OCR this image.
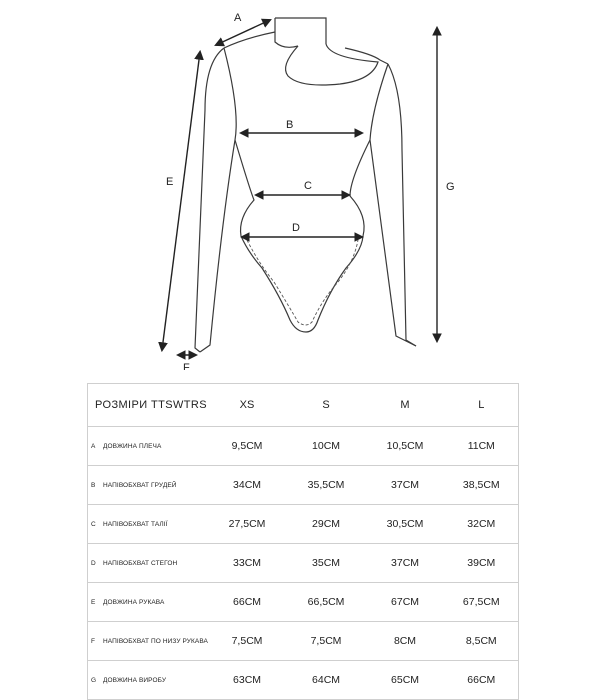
A
B
C
D
E
F
G
РОЗМІРИ TTSWTRS	XS	S	M	L
A ДОВЖИНА ПЛЕЧА	9,5СМ	10СМ	10,5СМ	11СМ
B НАПІВОБХВАТ ГРУДЕЙ	34СМ	35,5СМ	37СМ	38,5СМ
C НАПІВОБХВАТ ТАЛІЇ	27,5СМ	29СМ	30,5СМ	32СМ
D НАПІВОБХВАТ СТЕГОН	33СМ	35СМ	37СМ	39СМ
E ДОВЖИНА РУКАВА	66СМ	66,5СМ	67СМ	67,5СМ
F НАПІВОБХВАТ ПО НИЗУ РУКАВА	7,5СМ	7,5СМ	8СМ	8,5СМ
G ДОВЖИНА ВИРОБУ	63СМ	64СМ	65СМ	66СМ
